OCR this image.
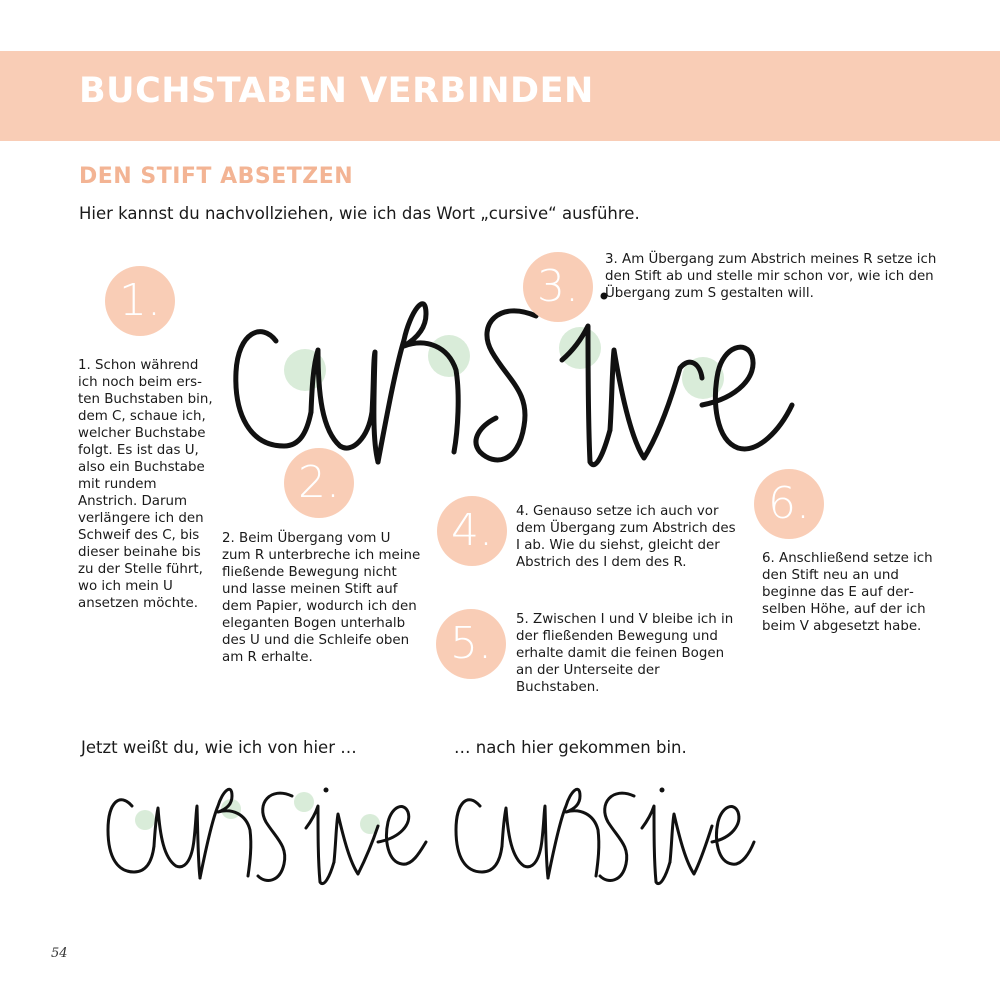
BUCHSTABEN VERBINDEN
DEN STIFT ABSETZEN

Hier kannst du nachvollziehen, wie ich das Wort „cursive“ ausführe.

1.
2.
3.
4.
5.
6.

1. Schon während ich noch beim ersten Buchstaben bin, dem C, schaue ich, welcher Buchstabe folgt. Es ist das U, also ein Buchstabe mit rundem Anstrich. Darum verlängere ich den Schweif des C, bis dieser beinahe bis zu der Stelle führt, wo ich mein U ansetzen möchte.

2. Beim Übergang vom U zum R unterbreche ich meine fließende Bewegung nicht und lasse meinen Stift auf dem Papier, wodurch ich den eleganten Bogen unterhalb des U und die Schleife oben am R erhalte.

3. Am Übergang zum Abstrich meines R setze ich den Stift ab und stelle mir schon vor, wie ich den Übergang zum S gestalten will.

4. Genauso setze ich auch vor dem Übergang zum Abstrich des I ab. Wie du siehst, gleicht der Abstrich des I dem des R.

5. Zwischen I und V bleibe ich in der fließenden Bewegung und erhalte damit die feinen Bogen an der Unterseite der Buchstaben.

6. Anschließend setze ich den Stift neu an und beginne das E auf derselben Höhe, auf der ich beim V abgesetzt habe.

Jetzt weißt du, wie ich von hier …	… nach hier gekommen bin.

54
